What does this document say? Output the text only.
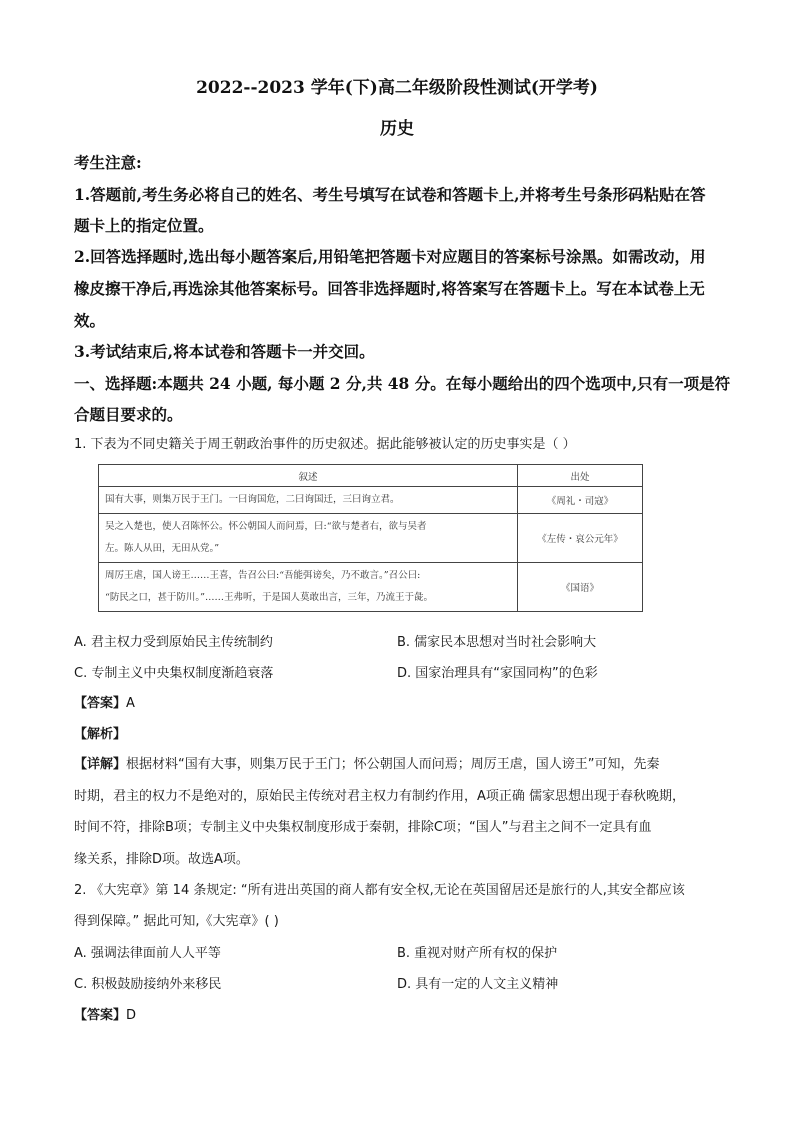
2022--2023 学年(下)高二年级阶段性测试(开学考)
历史
考生注意:
1.答题前,考生务必将自己的姓名、考生号填写在试卷和答题卡上,并将考生号条形码粘贴在答
题卡上的指定位置。
2.回答选择题时,选出每小题答案后,用铅笔把答题卡对应题目的答案标号涂黑。如需改动，用
橡皮擦干净后,再选涂其他答案标号。回答非选择题时,将答案写在答题卡上。写在本试卷上无
效。
3.考试结束后,将本试卷和答题卡一并交回。
一、选择题:本题共 24 小题, 每小题 2 分,共 48 分。在每小题给出的四个选项中,只有一项是符
合题目要求的。
1. 下表为不同史籍关于周王朝政治事件的历史叙述。据此能够被认定的历史事实是（ ）
叙述	出处

国有大事，则集万民于王门。一曰询国危，二曰询国迁，三曰询立君。	《周礼・司寇》

吴之入楚也，使人召陈怀公。怀公朝国人而问焉，曰:“欲与楚者右，欲与吴者
左。陈人从田，无田从党。”	《左传・哀公元年》

周厉王虐，国人谤王……王喜，告召公曰:“吾能弭谤矣，乃不敢言。”召公曰:
“防民之口，甚于防川。”……王弗听，于是国人莫敢出言，三年，乃流王于彘。	《国语》
A. 君主权力受到原始民主传统制约	B. 儒家民本思想对当时社会影响大
C. 专制主义中央集权制度渐趋衰落	D. 国家治理具有“家国同构”的色彩
【答案】A
【解析】
【详解】根据材料“国有大事，则集万民于王门；怀公朝国人而问焉；周厉王虐，国人谤王”可知，先秦
时期，君主的权力不是绝对的，原始民主传统对君主权力有制约作用，A项正确 儒家思想出现于春秋晚期，
时间不符，排除B项；专制主义中央集权制度形成于秦朝，排除C项；“国人”与君主之间不一定具有血
缘关系，排除D项。故选A项。
2. 《大宪章》第 14 条规定: “所有进出英国的商人都有安全权,无论在英国留居还是旅行的人,其安全都应该
得到保障。” 据此可知,《大宪章》( )
A. 强调法律面前人人平等	B. 重视对财产所有权的保护
C. 积极鼓励接纳外来移民	D. 具有一定的人文主义精神
【答案】D
